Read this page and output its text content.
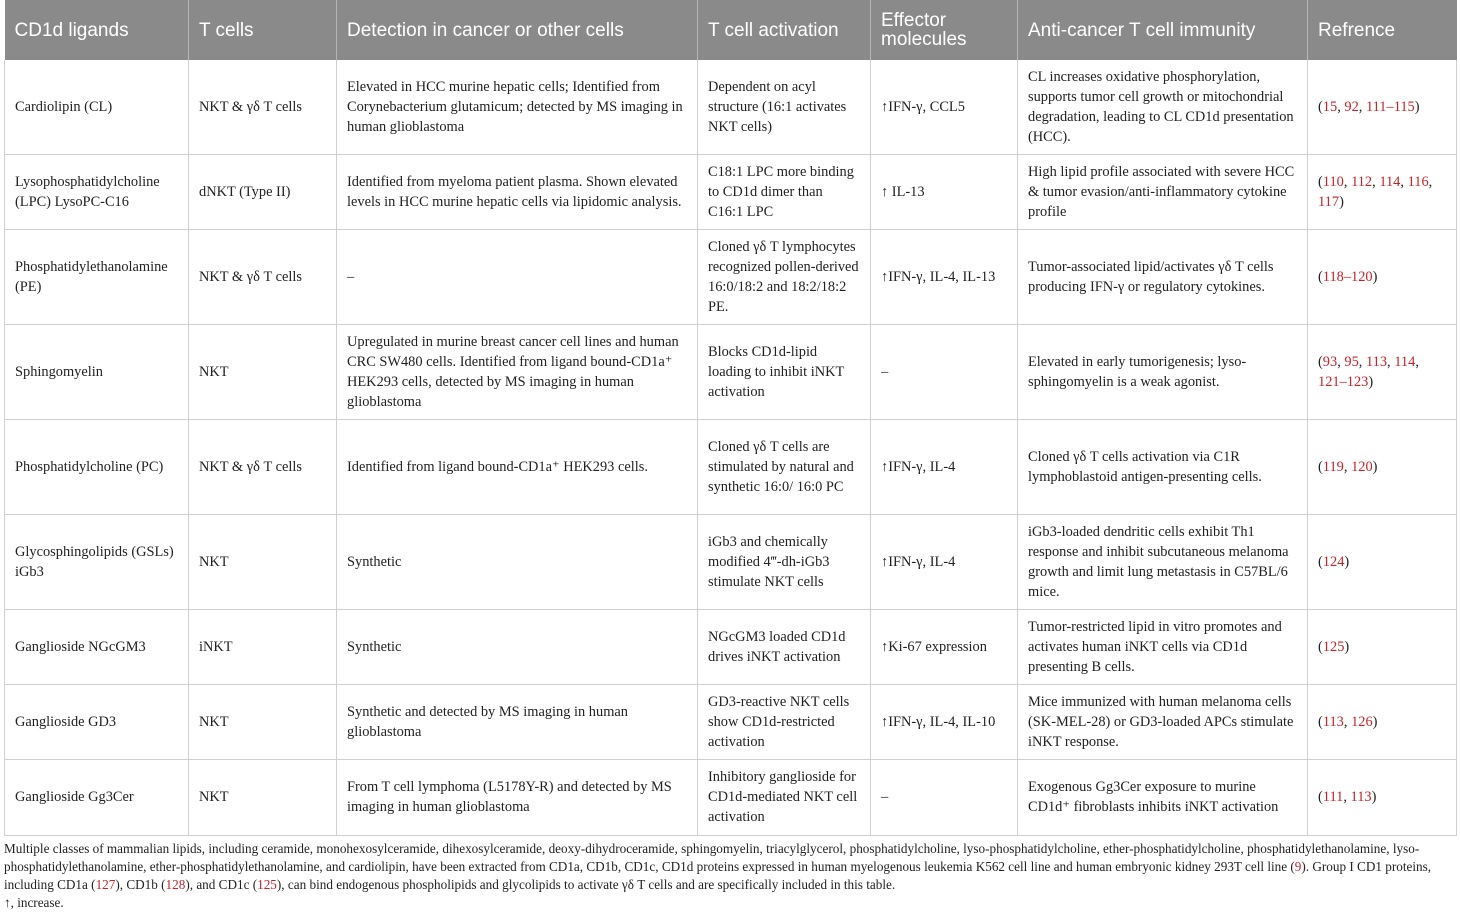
CD1d ligands	T cells	Detection in cancer or other cells	T cell activation	Effector molecules	Anti-cancer T cell immunity	Refrence
Cardiolipin (CL)	NKT & γδ T cells	Elevated in HCC murine hepatic cells; Identified from Corynebacterium glutamicum; detected by MS imaging in human glioblastoma	Dependent on acyl structure (16:1 activates NKT cells)	↑IFN-γ, CCL5	CL increases oxidative phosphorylation, supports tumor cell growth or mitochondrial degradation, leading to CL CD1d presentation (HCC).	(15, 92, 111–115)
Lysophosphatidylcholine (LPC) LysoPC-C16	dNKT (Type II)	Identified from myeloma patient plasma. Shown elevated levels in HCC murine hepatic cells via lipidomic analysis.	C18:1 LPC more binding to CD1d dimer than C16:1 LPC	↑ IL-13	High lipid profile associated with severe HCC & tumor evasion/anti-inflammatory cytokine profile	(110, 112, 114, 116, 117)
Phosphatidylethanolamine (PE)	NKT & γδ T cells	–	Cloned γδ T lymphocytes recognized pollen-derived 16:0/18:2 and 18:2/18:2 PE.	↑IFN-γ, IL-4, IL-13	Tumor-associated lipid/activates γδ T cells producing IFN-γ or regulatory cytokines.	(118–120)
Sphingomyelin	NKT	Upregulated in murine breast cancer cell lines and human CRC SW480 cells. Identified from ligand bound-CD1a⁺ HEK293 cells, detected by MS imaging in human glioblastoma	Blocks CD1d-lipid loading to inhibit iNKT activation	–	Elevated in early tumorigenesis; lyso-sphingomyelin is a weak agonist.	(93, 95, 113, 114, 121–123)
Phosphatidylcholine (PC)	NKT & γδ T cells	Identified from ligand bound-CD1a⁺ HEK293 cells.	Cloned γδ T cells are stimulated by natural and synthetic 16:0/ 16:0 PC	↑IFN-γ, IL-4	Cloned γδ T cells activation via C1R lymphoblastoid antigen-presenting cells.	(119, 120)
Glycosphingolipids (GSLs) iGb3	NKT	Synthetic	iGb3 and chemically modified 4‴-dh-iGb3 stimulate NKT cells	↑IFN-γ, IL-4	iGb3-loaded dendritic cells exhibit Th1 response and inhibit subcutaneous melanoma growth and limit lung metastasis in C57BL/6 mice.	(124)
Ganglioside NGcGM3	iNKT	Synthetic	NGcGM3 loaded CD1d drives iNKT activation	↑Ki-67 expression	Tumor-restricted lipid in vitro promotes and activates human iNKT cells via CD1d presenting B cells.	(125)
Ganglioside GD3	NKT	Synthetic and detected by MS imaging in human glioblastoma	GD3-reactive NKT cells show CD1d-restricted activation	↑IFN-γ, IL-4, IL-10	Mice immunized with human melanoma cells (SK-MEL-28) or GD3-loaded APCs stimulate iNKT response.	(113, 126)
Ganglioside Gg3Cer	NKT	From T cell lymphoma (L5178Y-R) and detected by MS imaging in human glioblastoma	Inhibitory ganglioside for CD1d-mediated NKT cell activation	–	Exogenous Gg3Cer exposure to murine CD1d⁺ fibroblasts inhibits iNKT activation	(111, 113)

Multiple classes of mammalian lipids, including ceramide, monohexosylceramide, dihexosylceramide, deoxy-dihydroceramide, sphingomyelin, triacylglycerol, phosphatidylcholine, lyso-phosphatidylcholine, ether-phosphatidylcholine, phosphatidylethanolamine, lyso-phosphatidylethanolamine, ether-phosphatidylethanolamine, and cardiolipin, have been extracted from CD1a, CD1b, CD1c, CD1d proteins expressed in human myelogenous leukemia K562 cell line and human embryonic kidney 293T cell line (9). Group I CD1 proteins, including CD1a (127), CD1b (128), and CD1c (125), can bind endogenous phospholipids and glycolipids to activate γδ T cells and are specifically included in this table.

↑, increase.
